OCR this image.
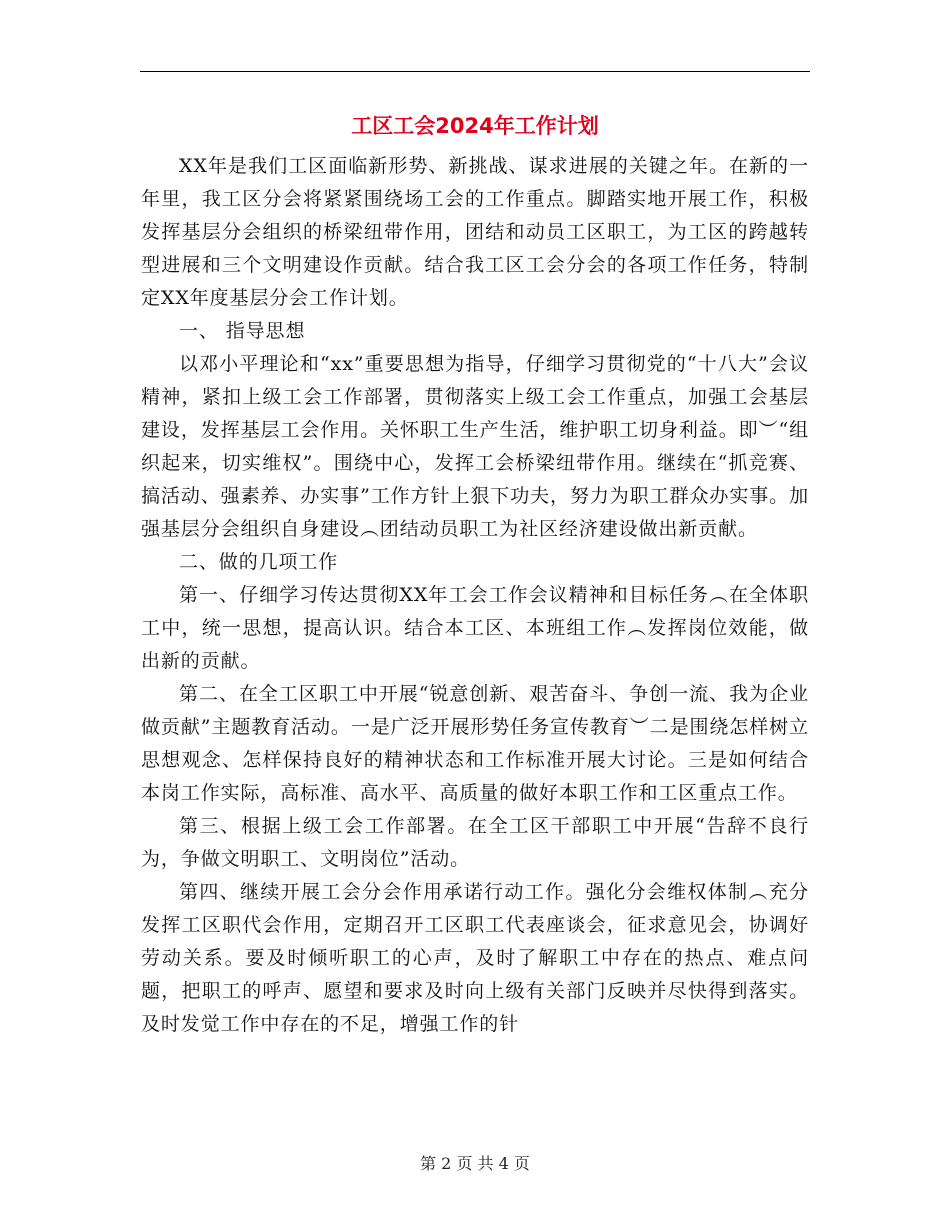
工区工会2024年工作计划

XX年是我们工区面临新形势、新挑战、谋求进展的关键之年。在新的一年里，我工区分会将紧紧围绕场工会的工作重点。脚踏实地开展工作，积极发挥基层分会组织的桥梁纽带作用，团结和动员工区职工，为工区的跨越转型进展和三个文明建设作贡献。结合我工区工会分会的各项工作任务，特制定XX年度基层分会工作计划。

一、 指导思想

以邓小平理论和“xx”重要思想为指导，仔细学习贯彻党的“十八大”会议精神，紧扣上级工会工作部署，贯彻落实上级工会工作重点，加强工会基层建设，发挥基层工会作用。关怀职工生产生活，维护职工切身利益。即︶“组织起来，切实维权”。围绕中心，发挥工会桥梁纽带作用。继续在“抓竞赛、搞活动、强素养、办实事”工作方针上狠下功夫，努力为职工群众办实事。加强基层分会组织自身建设︵团结动员职工为社区经济建设做出新贡献。

二、做的几项工作

第一、仔细学习传达贯彻XX年工会工作会议精神和目标任务︵在全体职工中，统一思想，提高认识。结合本工区、本班组工作︵发挥岗位效能，做出新的贡献。

第二、在全工区职工中开展“锐意创新、艰苦奋斗、争创一流、我为企业做贡献”主题教育活动。一是广泛开展形势任务宣传教育︶二是围绕怎样树立思想观念、怎样保持良好的精神状态和工作标准开展大讨论。三是如何结合本岗工作实际，高标准、高水平、高质量的做好本职工作和工区重点工作。

第三、根据上级工会工作部署。在全工区干部职工中开展“告辞不良行为，争做文明职工、文明岗位”活动。

第四、继续开展工会分会作用承诺行动工作。强化分会维权体制︵充分发挥工区职代会作用，定期召开工区职工代表座谈会，征求意见会，协调好劳动关系。要及时倾听职工的心声，及时了解职工中存在的热点、难点问题，把职工的呼声、愿望和要求及时向上级有关部门反映并尽快得到落实。及时发觉工作中存在的不足，增强工作的针

第 2 页 共 4 页
